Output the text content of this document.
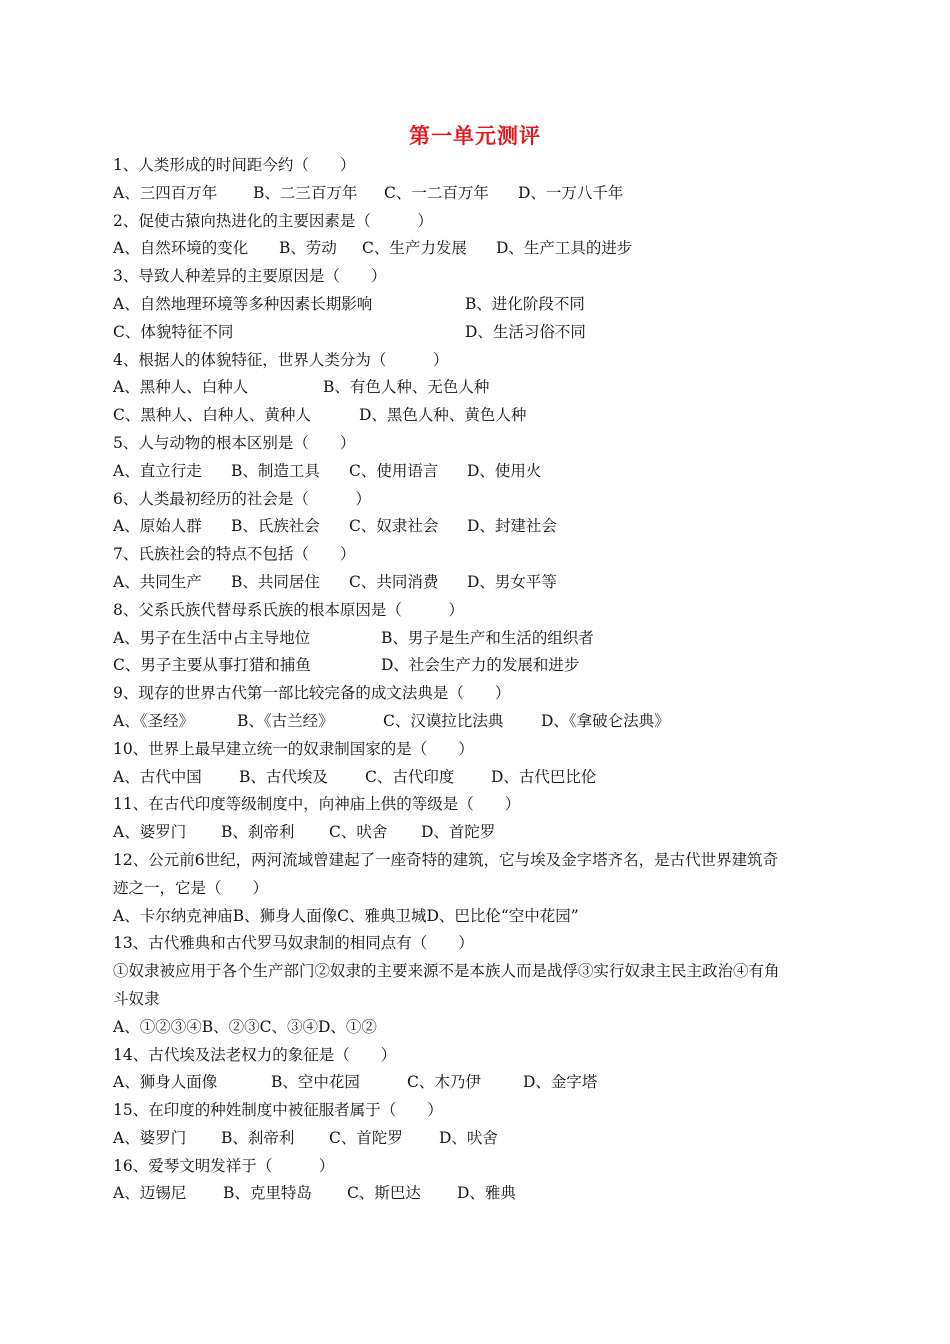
第一单元测评
1、人类形成的时间距今约（　　）
A、三四百万年	B、二三百万年	C、一二百万年	D、一万八千年
2、促使古猿向热进化的主要因素是（　　　）
A、自然环境的变化	B、劳动	C、生产力发展	D、生产工具的进步
3、导致人种差异的主要原因是（　　）
A、自然地理环境等多种因素长期影响	B、进化阶段不同
C、体貌特征不同	D、生活习俗不同
4、根据人的体貌特征，世界人类分为（　　　）
A、黑种人、白种人	B、有色人种、无色人种
C、黑种人、白种人、黄种人	D、黑色人种、黄色人种
5、人与动物的根本区别是（　　）
A、直立行走	B、制造工具	C、使用语言	D、使用火
6、人类最初经历的社会是（　　　）
A、原始人群	B、氏族社会	C、奴隶社会	D、封建社会
7、氏族社会的特点不包括（　　）
A、共同生产	B、共同居住	C、共同消费	D、男女平等
8、父系氏族代替母系氏族的根本原因是（　　　）
A、男子在生活中占主导地位	B、男子是生产和生活的组织者
C、男子主要从事打猎和捕鱼	D、社会生产力的发展和进步
9、现存的世界古代第一部比较完备的成文法典是（　　）
A、《圣经》	B、《古兰经》	C、汉谟拉比法典	D、《拿破仑法典》
10、世界上最早建立统一的奴隶制国家的是（　　）
A、古代中国	B、古代埃及	C、古代印度	D、古代巴比伦
11、在古代印度等级制度中，向神庙上供的等级是（　　）
A、婆罗门	B、刹帝利	C、吠舍	D、首陀罗
12、公元前6世纪，两河流域曾建起了一座奇特的建筑，它与埃及金字塔齐名，是古代世界建筑奇
迹之一，它是（　　）
A、卡尔纳克神庙B、狮身人面像C、雅典卫城D、巴比伦“空中花园”
13、古代雅典和古代罗马奴隶制的相同点有（　　）
①奴隶被应用于各个生产部门②奴隶的主要来源不是本族人而是战俘③实行奴隶主民主政治④有角
斗奴隶
A、①②③④B、②③C、③④D、①②
14、古代埃及法老权力的象征是（　　）
A、狮身人面像	B、空中花园	C、木乃伊	D、金字塔
15、在印度的种姓制度中被征服者属于（　　）
A、婆罗门	B、刹帝利	C、首陀罗	D、吠舍
16、爱琴文明发祥于（　　　）
A、迈锡尼	B、克里特岛	C、斯巴达	D、雅典
